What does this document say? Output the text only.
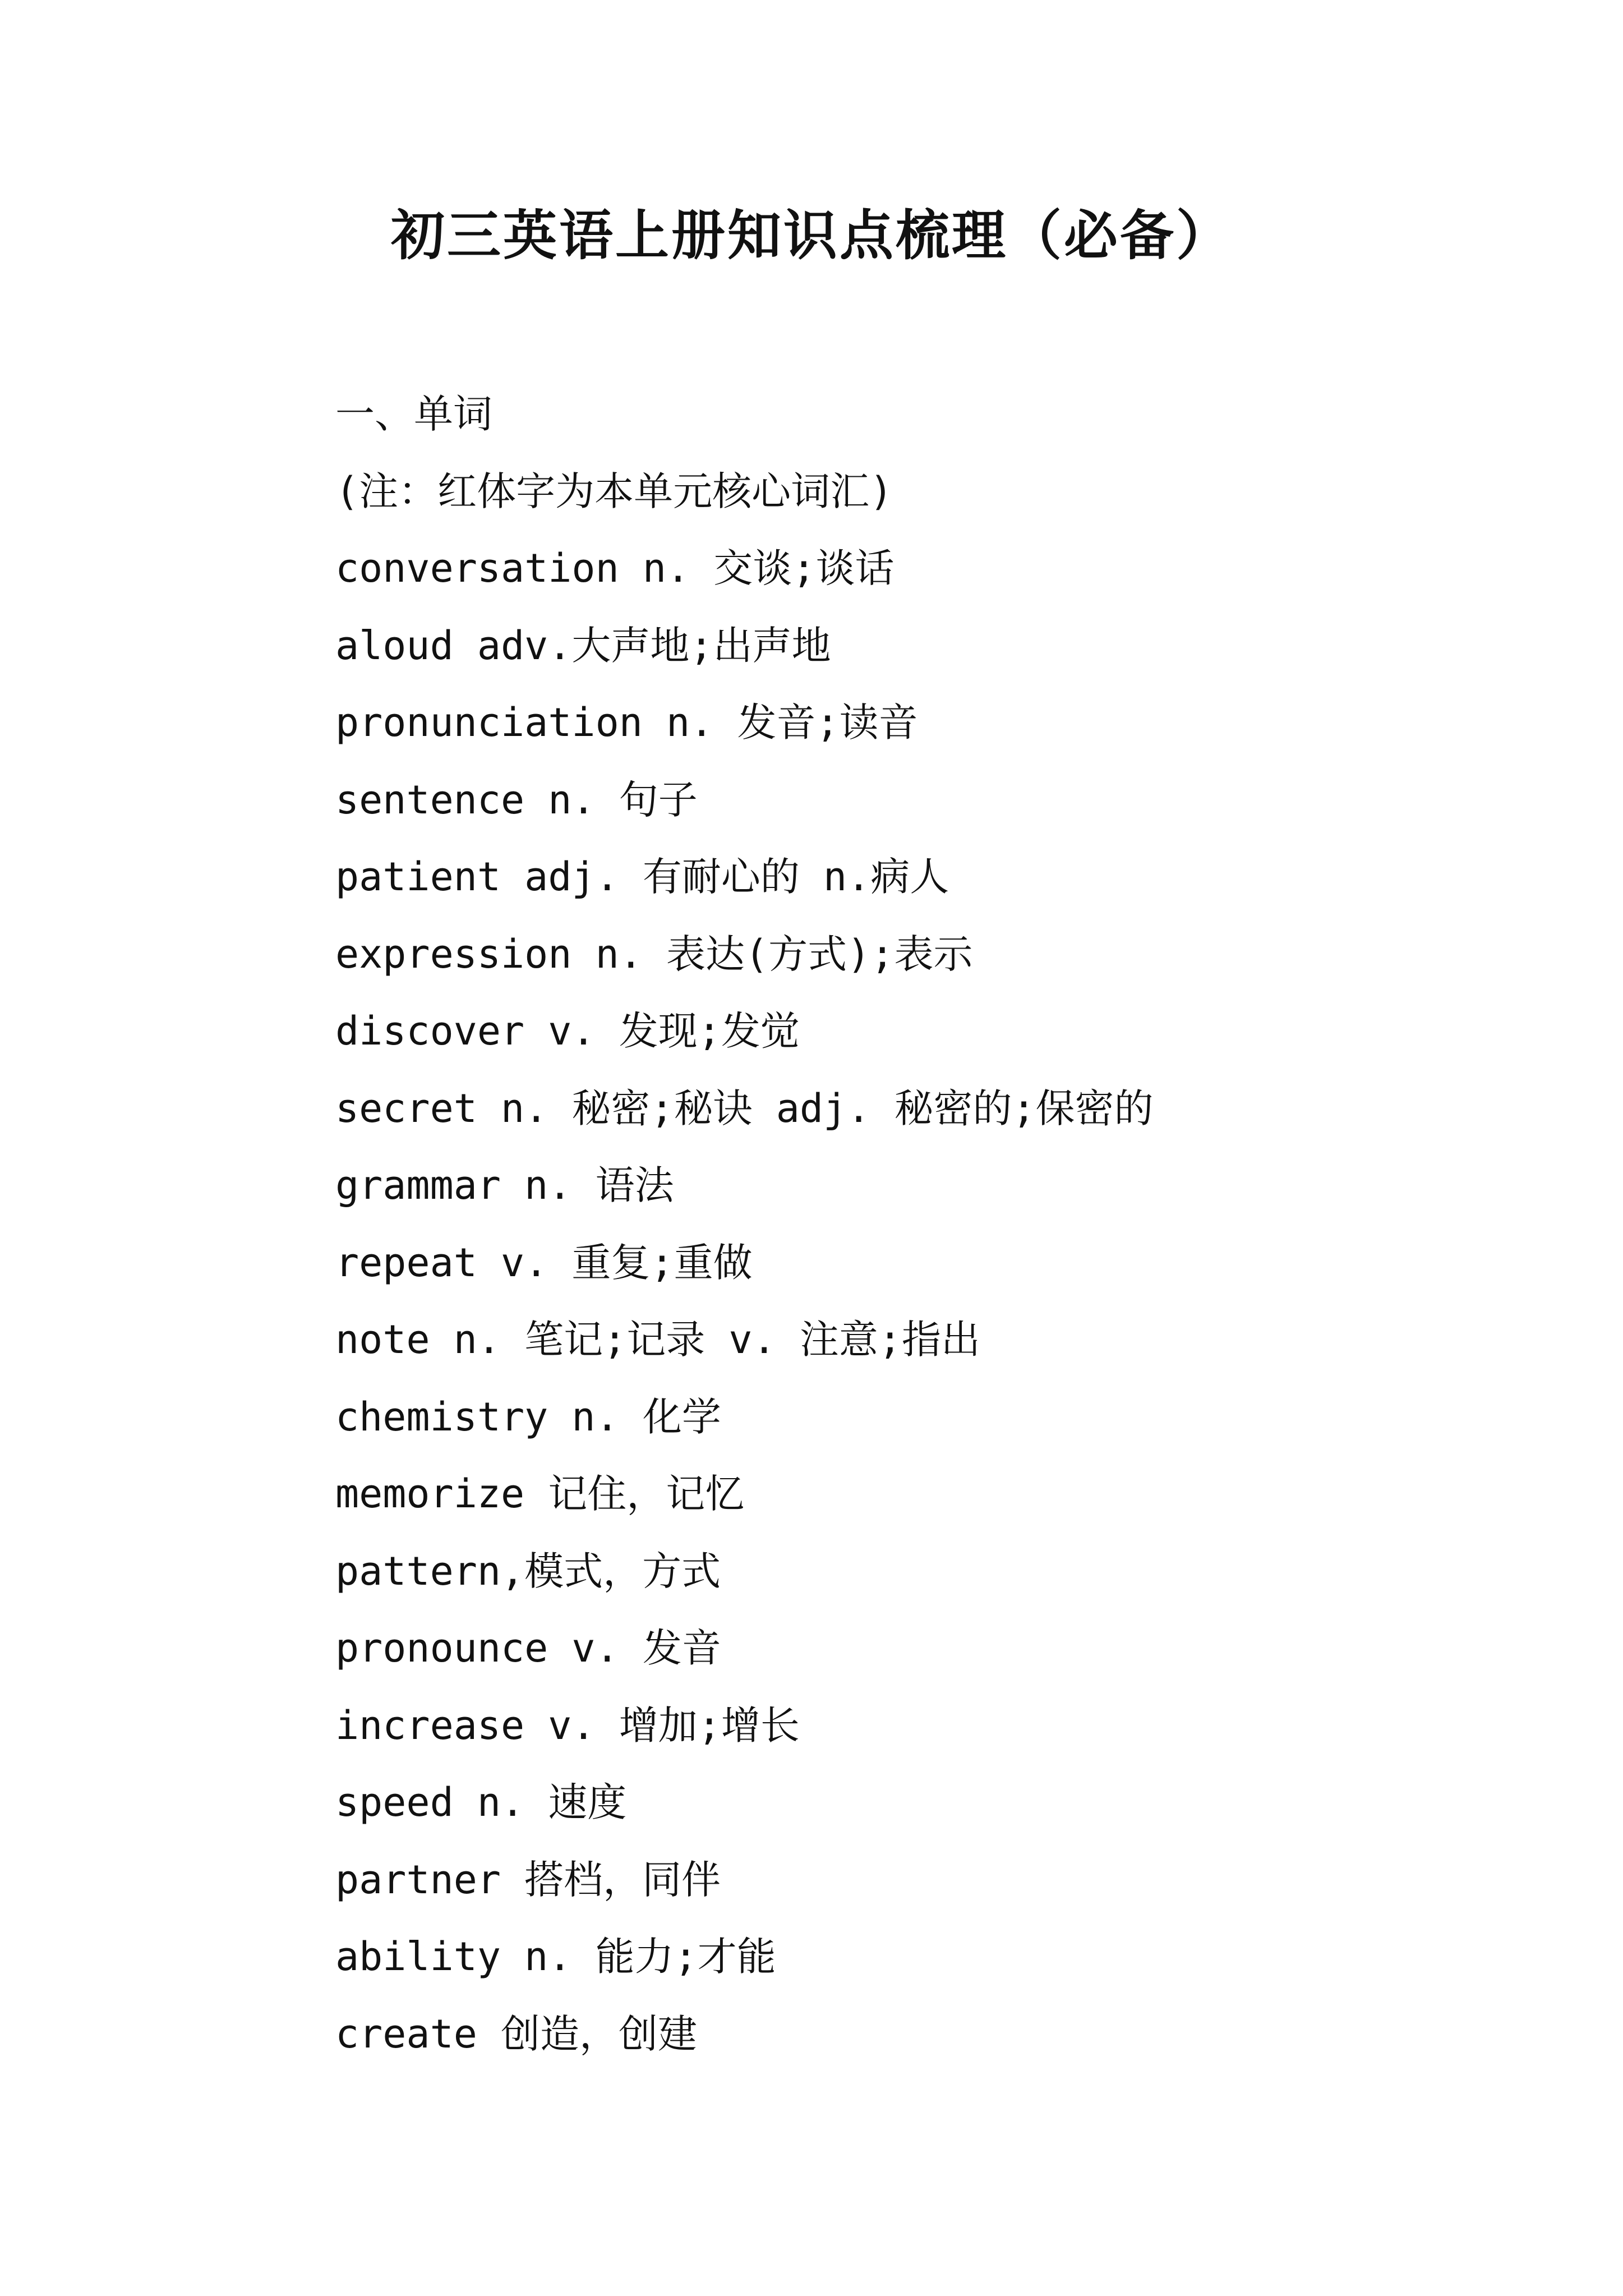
初三英语上册知识点梳理（必备）
一、单词
(注：红体字为本单元核心词汇)
conversation n. 交谈;谈话
aloud adv.大声地;出声地
pronunciation n. 发音;读音
sentence n. 句子
patient adj. 有耐心的 n.病人
expression n. 表达(方式);表示
discover v. 发现;发觉
secret n. 秘密;秘诀 adj. 秘密的;保密的
grammar n. 语法
repeat v. 重复;重做
note n. 笔记;记录 v. 注意;指出
chemistry n. 化学
memorize 记住，记忆
pattern,模式，方式
pronounce v. 发音
increase v. 增加;增长
speed n. 速度
partner 搭档，同伴
ability n. 能力;才能
create 创造，创建
